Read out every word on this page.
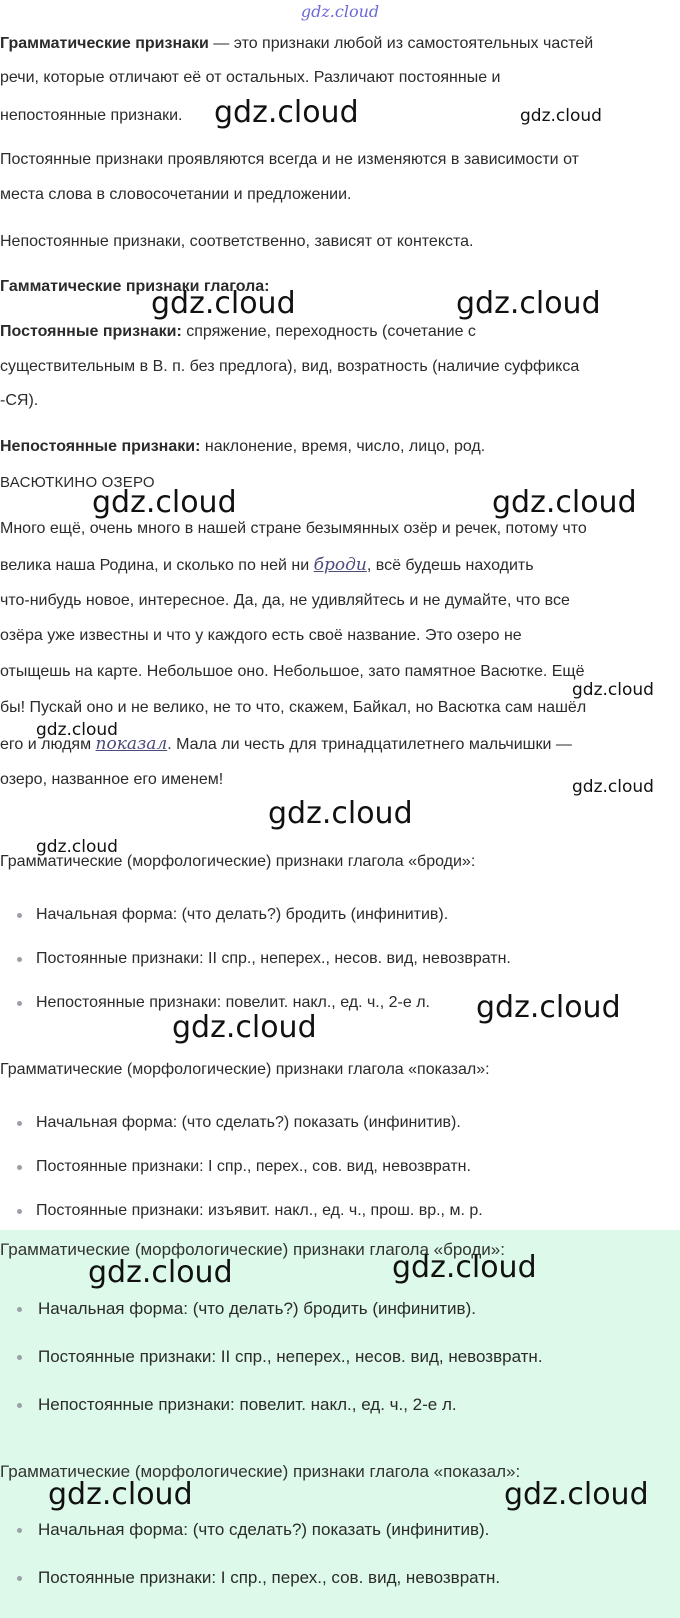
gdz.cloud
Грамматические признаки — это признаки любой из самостоятельных частей
речи, которые отличают её от остальных. Различают постоянные и
непостоянные признаки.
Постоянные признаки проявляются всегда и не изменяются в зависимости от
места слова в словосочетании и предложении.
Непостоянные признаки, соответственно, зависят от контекста.
Гамматические признаки глагола:
Постоянные признаки: спряжение, переходность (сочетание с
существительным в В. п. без предлога), вид, возратность (наличие суффикса
-СЯ).
Непостоянные признаки: наклонение, время, число, лицо, род.
ВАСЮТКИНО ОЗЕРО
Много ещё, очень много в нашей стране безымянных озёр и речек, потому что
велика наша Родина, и сколько по ней ни броди, всё будешь находить
что-нибудь новое, интересное. Да, да, не удивляйтесь и не думайте, что все
озёра уже известны и что у каждого есть своё название. Это озеро не
отыщешь на карте. Небольшое оно. Небольшое, зато памятное Васютке. Ещё
бы! Пускай оно и не велико, не то что, скажем, Байкал, но Васютка сам нашёл
его и людям показал. Мала ли честь для тринадцатилетнего мальчишки —
озеро, названное его именем!
Грамматические (морфологические) признаки глагола «броди»:
Начальная форма: (что делать?) бродить (инфинитив).
Постоянные признаки: II спр., неперех., несов. вид, невозвратн.
Непостоянные признаки: повелит. накл., ед. ч., 2-е л.
Грамматические (морфологические) признаки глагола «показал»:
Начальная форма: (что сделать?) показать (инфинитив).
Постоянные признаки: I спр., перех., сов. вид, невозвратн.
Постоянные признаки: изъявит. накл., ед. ч., прош. вр., м. р.
Грамматические (морфологические) признаки глагола «броди»:
Начальная форма: (что делать?) бродить (инфинитив).
Постоянные признаки: II спр., неперех., несов. вид, невозвратн.
Непостоянные признаки: повелит. накл., ед. ч., 2-е л.
Грамматические (морфологические) признаки глагола «показал»:
Начальная форма: (что сделать?) показать (инфинитив).
Постоянные признаки: I спр., перех., сов. вид, невозвратн.
gdz.cloud	gdz.cloud
gdz.cloud	gdz.cloud
gdz.cloud	gdz.cloud
gdz.cloud
gdz.cloud
gdz.cloud
gdz.cloud
gdz.cloud
gdz.cloud
gdz.cloud
gdz.cloud	gdz.cloud
gdz.cloud	gdz.cloud
